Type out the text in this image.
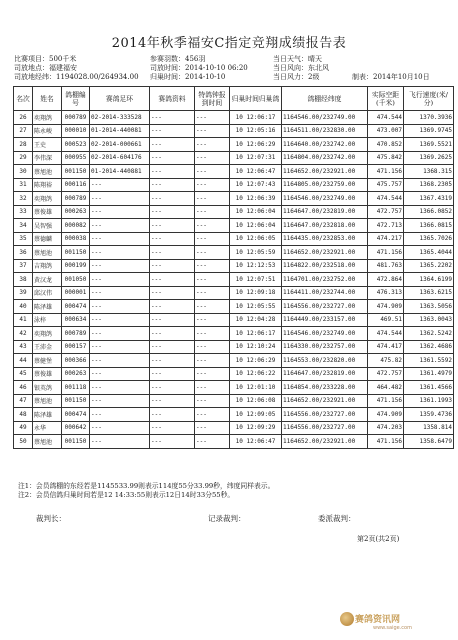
2014年秋季福安C指定竞翔成绩报告表
比赛项目：500千米
司放地点：福建福安
司放地经纬：1194028.00/264934.00
参赛羽数：456羽
司放时间：2014-10-10 06:20
归巢时间：2014-10-10
当日天气：晴天
当日风向：东北风
当日风力：2级	制表：2014年10月10日
名次	姓名	鸽棚编号	赛鸽足环	赛鸽资料	特鸽钟报到时间	归巢时间归巢鸽	鸽棚经纬度	实际空距(千米)	飞行速度(米/分)
26	奕翔鸽	000789	02-2014-333528	---	---	10 12:06:17	1164546.00/232749.00	474.544	1370.3936
27	陈永峻	000010	01-2014-440081	---	---	10 12:05:16	1164511.00/232830.00	473.007	1369.9745
28	王史	000523	02-2014-000661	---	---	10 12:06:29	1164640.00/232742.00	470.852	1369.5521
29	李伟深	000955	02-2014-604176	---	---	10 12:07:31	1164804.00/232742.00	475.842	1369.2625
30	蔡旭池	001150	01-2014-440881	---	---	10 12:06:47	1164652.00/232921.00	471.156	1368.315
31	陈翔裕	000116	---	---	---	10 12:07:43	1164805.00/232759.00	475.757	1368.2305
32	奕翔鸽	000789	---	---	---	10 12:06:39	1164546.00/232749.00	474.544	1367.4319
33	蔡俊雄	000263	---	---	---	10 12:06:04	1164647.00/232819.00	472.757	1366.0852
34	吴智强	000082	---	---	---	10 12:06:04	1164647.00/232818.00	472.713	1366.0815
35	蔡德麟	000038	---	---	---	10 12:06:05	1164435.00/232853.00	474.217	1365.7026
36	蔡旭池	001150	---	---	---	10 12:05:59	1164652.00/232921.00	471.156	1365.4044
37	吉翔鸽	000199	---	---	---	10 12:12:53	1164822.00/232518.00	481.763	1365.2202
38	黄汉龙	001050	---	---	---	10 12:07:51	1164701.00/232752.00	472.864	1364.6199
39	邱汉伟	000001	---	---	---	10 12:09:18	1164411.00/232744.00	476.313	1363.6215
40	陈泽雄	000474	---	---	---	10 12:05:55	1164556.00/232727.00	474.909	1363.5056
41	泳梓	000634	---	---	---	10 12:04:28	1164449.00/233157.00	469.51	1363.0043
42	奕翔鸽	000789	---	---	---	10 12:06:17	1164546.00/232749.00	474.544	1362.5242
43	王沛金	000157	---	---	---	10 12:10:24	1164330.00/232757.00	474.417	1362.4686
44	蔡健堡	000366	---	---	---	10 12:06:29	1164553.00/232820.00	475.82	1361.5592
45	蔡俊雄	000263	---	---	---	10 12:06:22	1164647.00/232819.00	472.757	1361.4979
46	银英鸽	001118	---	---	---	10 12:01:10	1164854.00/233228.00	464.482	1361.4566
47	蔡旭池	001150	---	---	---	10 12:06:08	1164652.00/232921.00	471.156	1361.1993
48	陈泽雄	000474	---	---	---	10 12:09:05	1164556.00/232727.00	474.909	1359.4736
49	永华	000642	---	---	---	10 12:09:29	1164556.00/232727.00	474.203	1358.814
50	蔡旭池	001150	---	---	---	10 12:06:47	1164652.00/232921.00	471.156	1358.6479
注1：会员鸽棚的东经若是1145533.99则表示114度55分33.99秒，纬度同样表示。
注2：会员信鸽归巢时间若是12 14:33:55则表示12日14时33分55秒。
裁判长：	记录裁判：	委派裁判：
第2页(共2页)
赛鸽资讯网
www.saige.com
